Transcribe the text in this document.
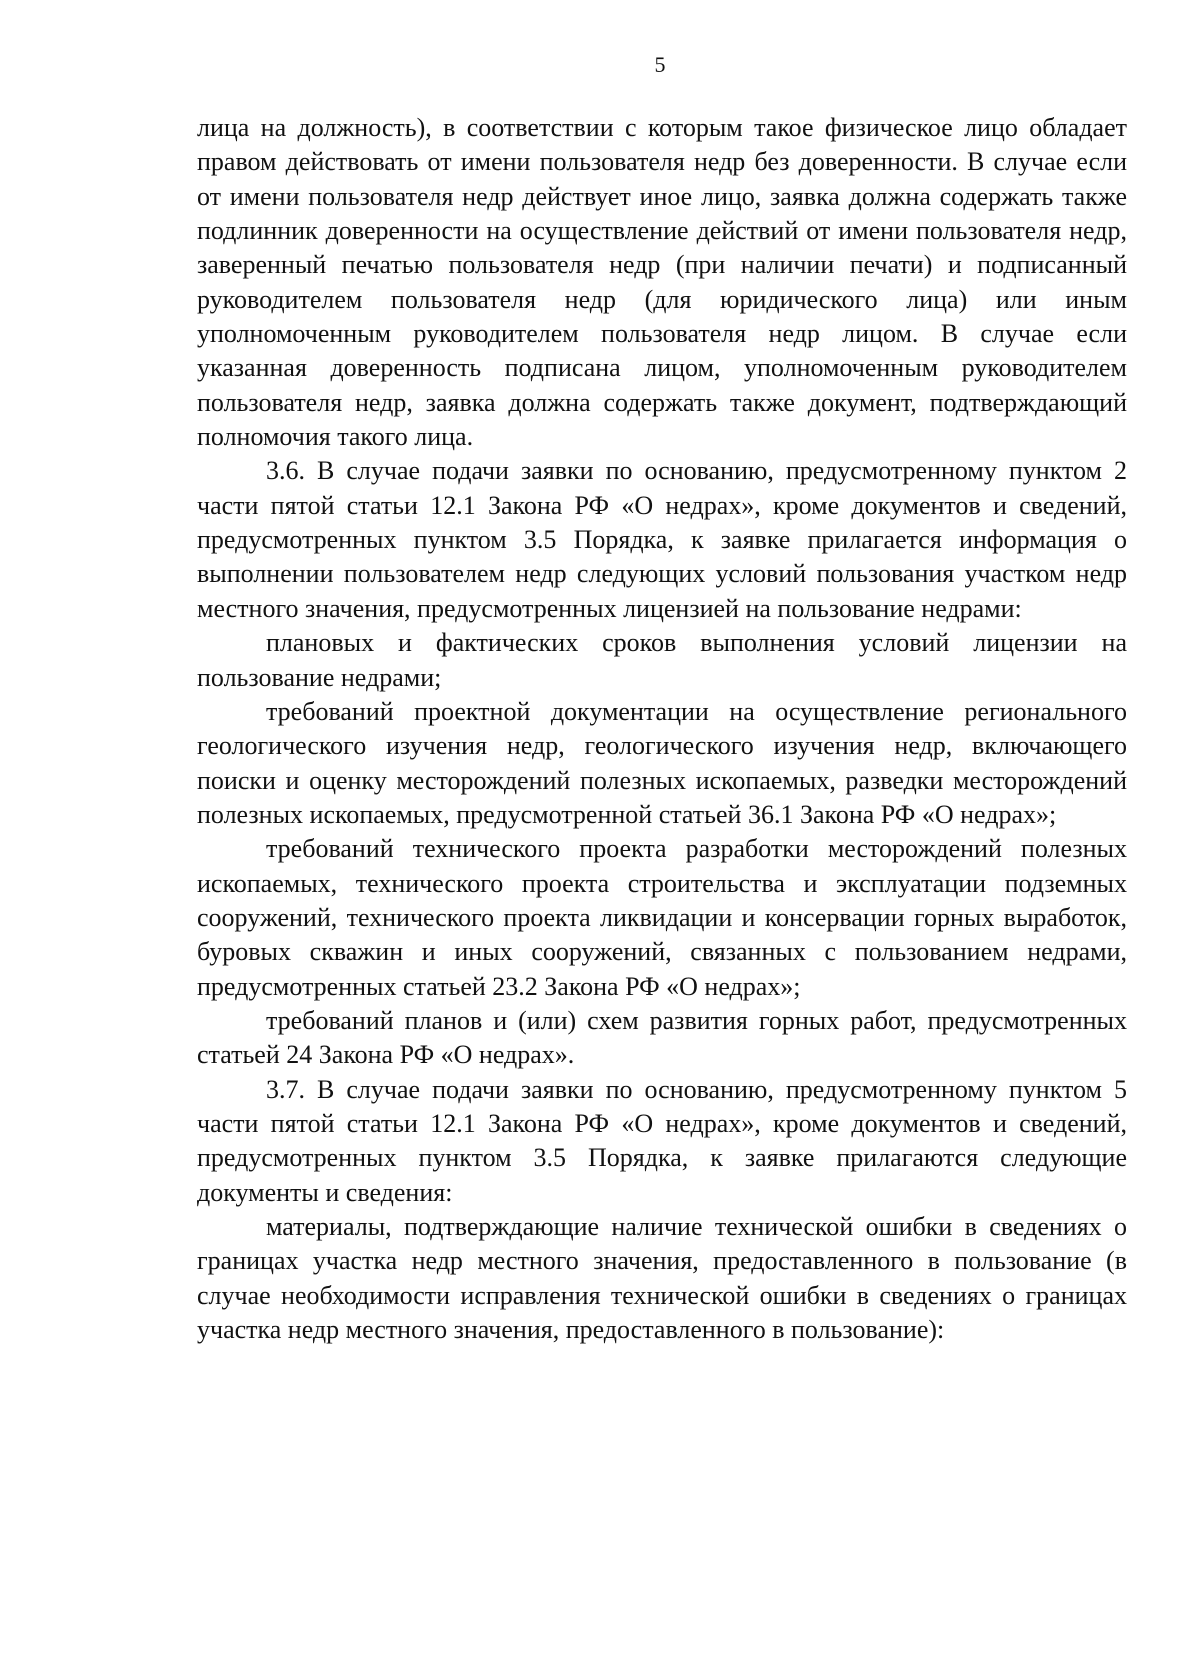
5

лица на должность), в соответствии с которым такое физическое лицо обладает правом действовать от имени пользователя недр без доверенности. В случае если от имени пользователя недр действует иное лицо, заявка должна содержать также подлинник доверенности на осуществление действий от имени пользователя недр, заверенный печатью пользователя недр (при наличии печати) и подписанный руководителем пользователя недр (для юридического лица) или иным уполномоченным руководителем пользователя недр лицом. В случае если указанная доверенность подписана лицом, уполномоченным руководителем пользователя недр, заявка должна содержать также документ, подтверждающий полномочия такого лица.

3.6. В случае подачи заявки по основанию, предусмотренному пунктом 2 части пятой статьи 12.1 Закона РФ «О недрах», кроме документов и сведений, предусмотренных пунктом 3.5 Порядка, к заявке прилагается информация о выполнении пользователем недр следующих условий пользования участком недр местного значения, предусмотренных лицензией на пользование недрами:

плановых и фактических сроков выполнения условий лицензии на пользование недрами;

требований проектной документации на осуществление регионального геологического изучения недр, геологического изучения недр, включающего поиски и оценку месторождений полезных ископаемых, разведки месторождений полезных ископаемых, предусмотренной статьей 36.1 Закона РФ «О недрах»;

требований технического проекта разработки месторождений полезных ископаемых, технического проекта строительства и эксплуатации подземных сооружений, технического проекта ликвидации и консервации горных выработок, буровых скважин и иных сооружений, связанных с пользованием недрами, предусмотренных статьей 23.2 Закона РФ «О недрах»;

требований планов и (или) схем развития горных работ, предусмотренных статьей 24 Закона РФ «О недрах».

3.7. В случае подачи заявки по основанию, предусмотренному пунктом 5 части пятой статьи 12.1 Закона РФ «О недрах», кроме документов и сведений, предусмотренных пунктом 3.5 Порядка, к заявке прилагаются следующие документы и сведения:

материалы, подтверждающие наличие технической ошибки в сведениях о границах участка недр местного значения, предоставленного в пользование (в случае необходимости исправления технической ошибки в сведениях о границах участка недр местного значения, предоставленного в пользование):
